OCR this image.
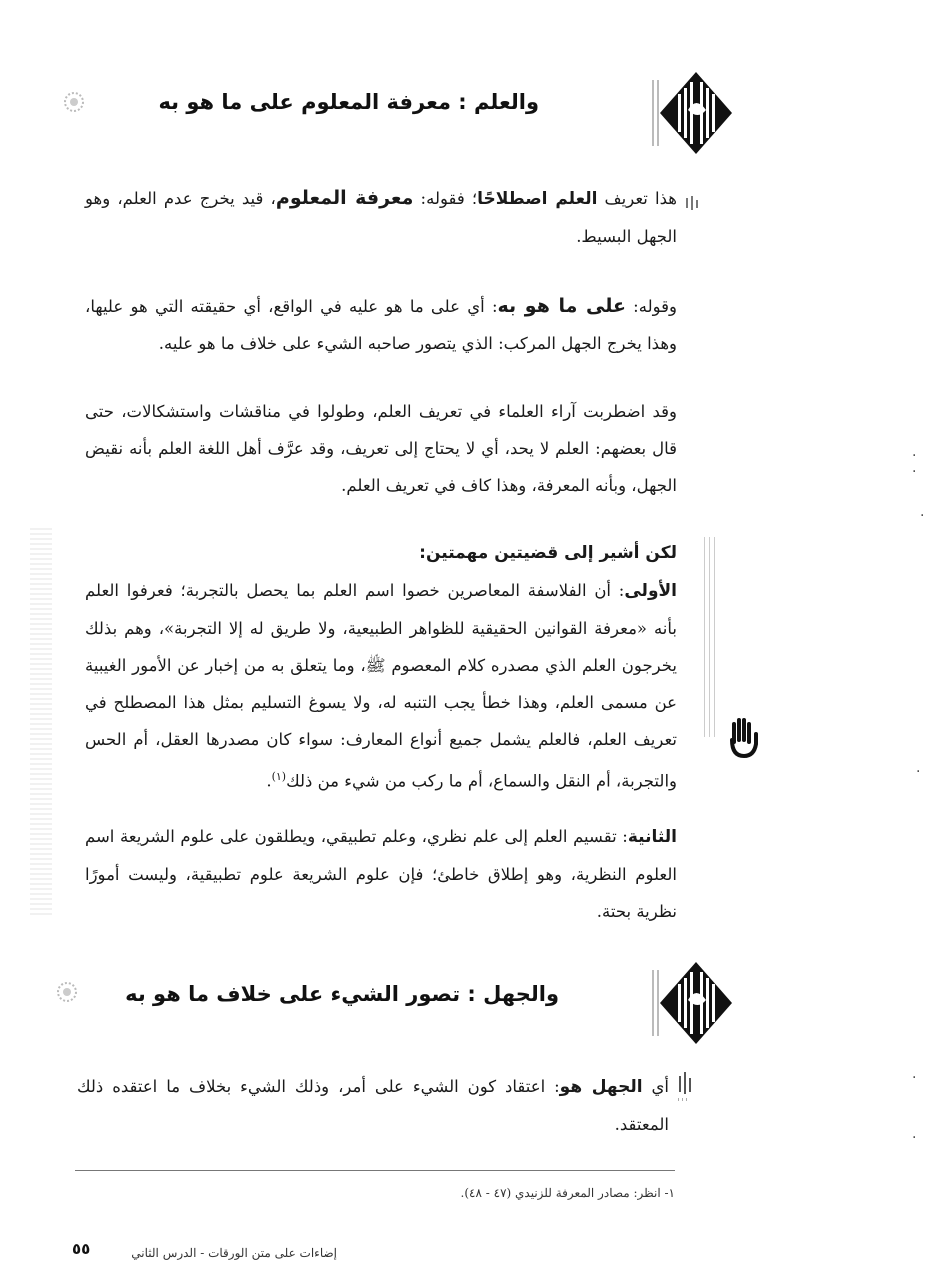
والعلم : معرفة المعلوم على ما هو به
هذا تعريف العلم اصطلاحًا؛ فقوله: معرفة المعلوم، قيد يخرج عدم العلم، وهو الجهل البسيط.
وقوله: على ما هو به: أي على ما هو عليه في الواقع، أي حقيقته التي هو عليها، وهذا يخرج الجهل المركب: الذي يتصور صاحبه الشيء على خلاف ما هو عليه.
وقد اضطربت آراء العلماء في تعريف العلم، وطولوا في مناقشات واستشكالات، حتى قال بعضهم: العلم لا يحد، أي لا يحتاج إلى تعريف، وقد عرَّف أهل اللغة العلم بأنه نقيض الجهل، وبأنه المعرفة، وهذا كاف في تعريف العلم.
لكن أشير إلى قضيتين مهمتين:
الأولى: أن الفلاسفة المعاصرين خصوا اسم العلم بما يحصل بالتجربة؛ فعرفوا العلم بأنه «معرفة القوانين الحقيقية للظواهر الطبيعية، ولا طريق له إلا التجربة»، وهم بذلك يخرجون العلم الذي مصدره كلام المعصوم ﷺ، وما يتعلق به من إخبار عن الأمور الغيبية عن مسمى العلم، وهذا خطأ يجب التنبه له، ولا يسوغ التسليم بمثل هذا المصطلح في تعريف العلم، فالعلم يشمل جميع أنواع المعارف: سواء كان مصدرها العقل، أم الحس والتجربة، أم النقل والسماع، أم ما ركب من شيء من ذلك$^{(١)}$.
الثانية: تقسيم العلم إلى علم نظري، وعلم تطبيقي، ويطلقون على علوم الشريعة اسم العلوم النظرية، وهو إطلاق خاطئ؛ فإن علوم الشريعة علوم تطبيقية، وليست أمورًا نظرية بحتة.
والجهل : تصور الشيء على خلاف ما هو به
أي الجهل هو: اعتقاد كون الشيء على أمر، وذلك الشيء بخلاف ما اعتقده ذلك المعتقد.
١- انظر: مصادر المعرفة للزنيدي (٤٧ - ٤٨).
٥٥	إضاءات على متن الورقات - الدرس الثاني
· ·
·
·
·
·
